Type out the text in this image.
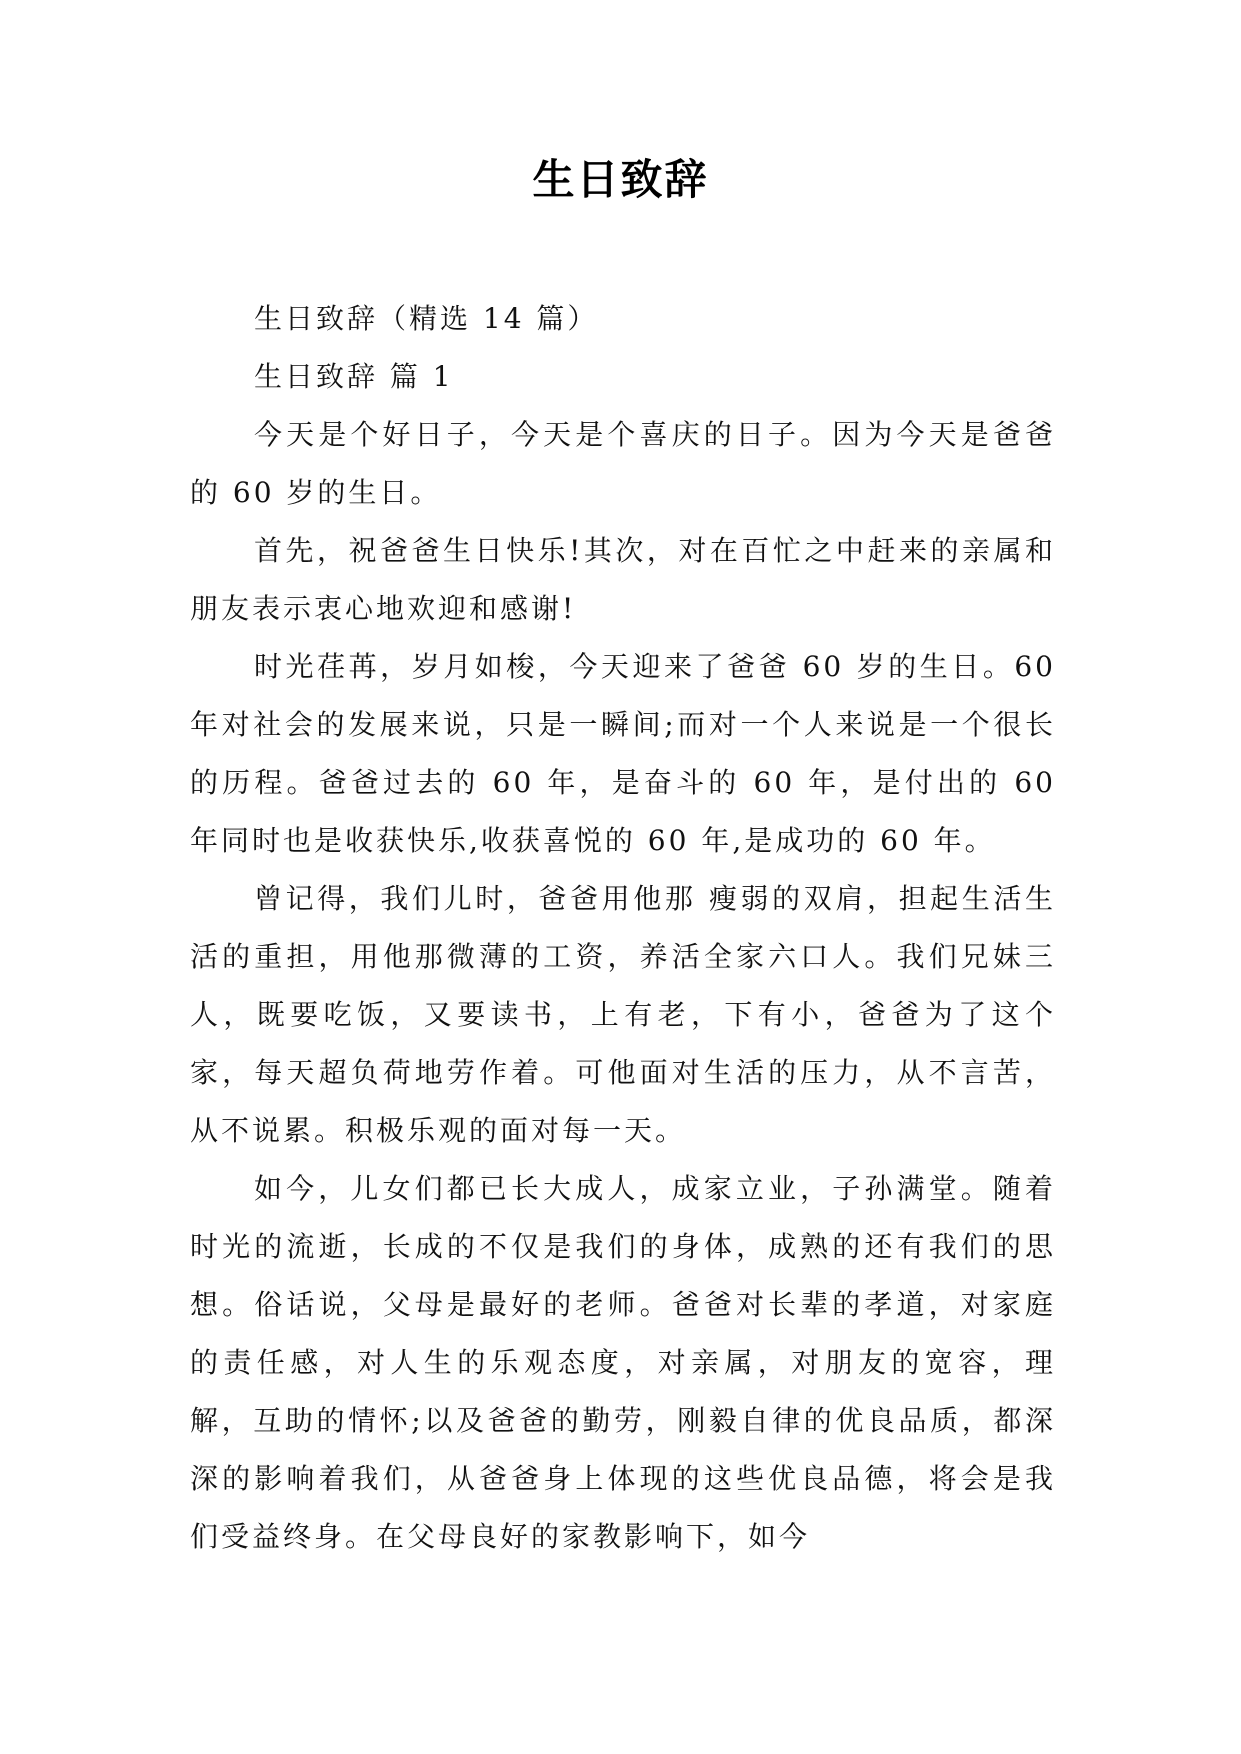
生日致辞

生日致辞（精选 14 篇）

生日致辞 篇 1

今天是个好日子，今天是个喜庆的日子。因为今天是爸爸的 60 岁的生日。

首先，祝爸爸生日快乐!其次，对在百忙之中赶来的亲属和朋友表示衷心地欢迎和感谢!

时光荏苒，岁月如梭，今天迎来了爸爸 60 岁的生日。60 年对社会的发展来说，只是一瞬间;而对一个人来说是一个很长的历程。爸爸过去的 60 年，是奋斗的 60 年，是付出的 60 年同时也是收获快乐,收获喜悦的 60 年,是成功的 60 年。

曾记得，我们儿时，爸爸用他那 瘦弱的双肩，担起生活生活的重担，用他那微薄的工资，养活全家六口人。我们兄妹三人，既要吃饭，又要读书，上有老，下有小，爸爸为了这个家，每天超负荷地劳作着。可他面对生活的压力，从不言苦，从不说累。积极乐观的面对每一天。

如今，儿女们都已长大成人，成家立业，子孙满堂。随着时光的流逝，长成的不仅是我们的身体，成熟的还有我们的思想。俗话说，父母是最好的老师。爸爸对长辈的孝道，对家庭的责任感，对人生的乐观态度，对亲属，对朋友的宽容，理解，互助的情怀;以及爸爸的勤劳，刚毅自律的优良品质，都深深的影响着我们，从爸爸身上体现的这些优良品德，将会是我们受益终身。在父母良好的家教影响下，如今
